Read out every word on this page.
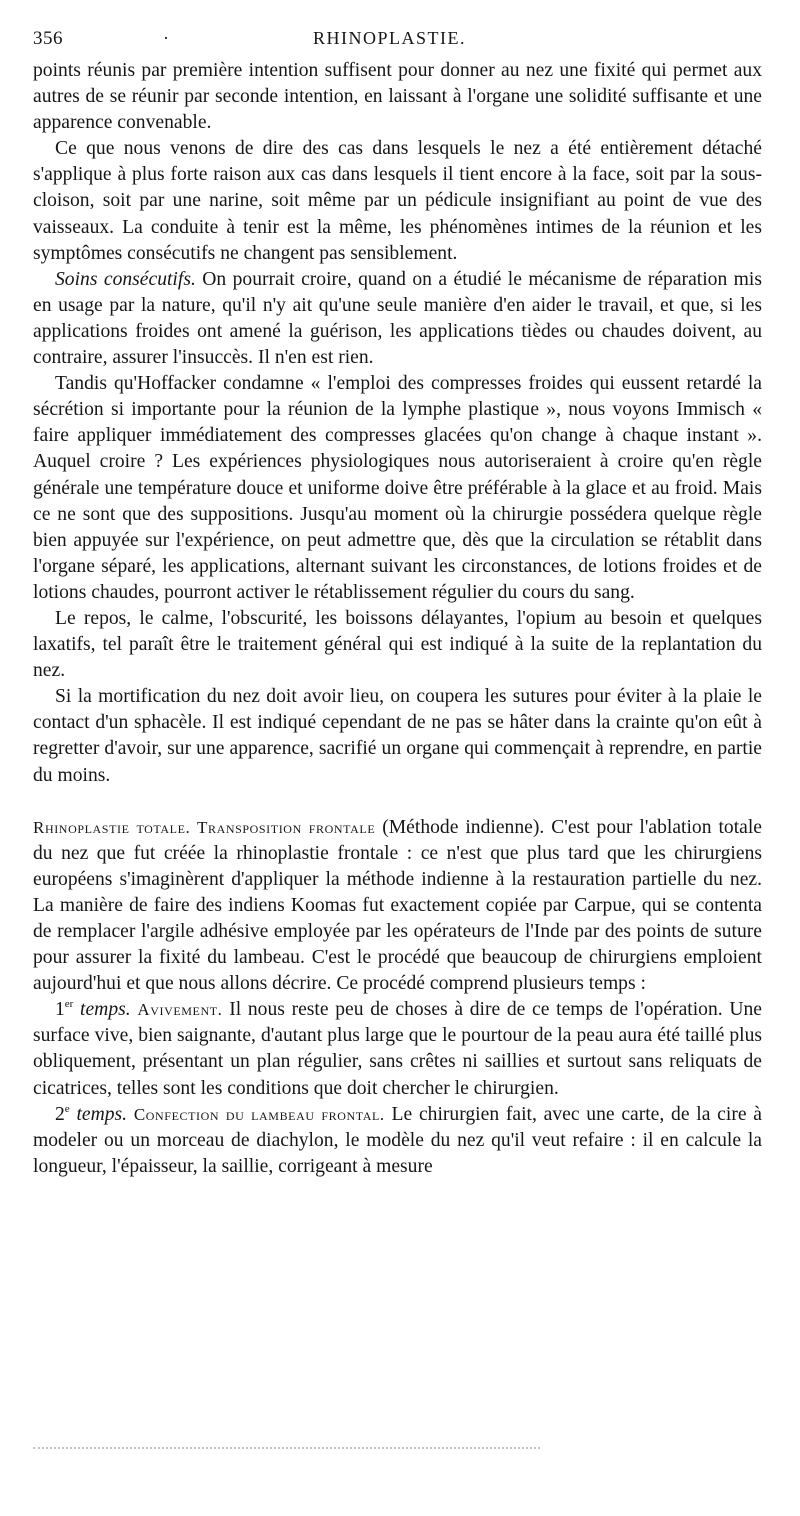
356	·	RHINOPLASTIE.

points réunis par première intention suffisent pour donner au nez une fixité qui permet aux autres de se réunir par seconde intention, en laissant à l'organe une solidité suffisante et une apparence convenable.

Ce que nous venons de dire des cas dans lesquels le nez a été entièrement détaché s'applique à plus forte raison aux cas dans lesquels il tient encore à la face, soit par la sous-cloison, soit par une narine, soit même par un pédicule insignifiant au point de vue des vaisseaux. La conduite à tenir est la même, les phénomènes intimes de la réunion et les symptômes consécutifs ne changent pas sensiblement.

Soins consécutifs. On pourrait croire, quand on a étudié le mécanisme de réparation mis en usage par la nature, qu'il n'y ait qu'une seule manière d'en aider le travail, et que, si les applications froides ont amené la guérison, les applications tièdes ou chaudes doivent, au contraire, assurer l'insuccès. Il n'en est rien.

Tandis qu'Hoffacker condamne « l'emploi des compresses froides qui eussent retardé la sécrétion si importante pour la réunion de la lymphe plastique », nous voyons Immisch « faire appliquer immédiatement des compresses glacées qu'on change à chaque instant ». Auquel croire ? Les expériences physiologiques nous autoriseraient à croire qu'en règle générale une température douce et uniforme doive être préférable à la glace et au froid. Mais ce ne sont que des suppositions. Jusqu'au moment où la chirurgie possédera quelque règle bien appuyée sur l'expérience, on peut admettre que, dès que la circulation se rétablit dans l'organe séparé, les applications, alternant suivant les circonstances, de lotions froides et de lotions chaudes, pourront activer le rétablissement régulier du cours du sang.

Le repos, le calme, l'obscurité, les boissons délayantes, l'opium au besoin et quelques laxatifs, tel paraît être le traitement général qui est indiqué à la suite de la replantation du nez.

Si la mortification du nez doit avoir lieu, on coupera les sutures pour éviter à la plaie le contact d'un sphacèle. Il est indiqué cependant de ne pas se hâter dans la crainte qu'on eût à regretter d'avoir, sur une apparence, sacrifié un organe qui commençait à reprendre, en partie du moins.

Rhinoplastie totale. Transposition frontale (Méthode indienne). C'est pour l'ablation totale du nez que fut créée la rhinoplastie frontale : ce n'est que plus tard que les chirurgiens européens s'imaginèrent d'appliquer la méthode indienne à la restauration partielle du nez. La manière de faire des indiens Koomas fut exactement copiée par Carpue, qui se contenta de remplacer l'argile adhésive employée par les opérateurs de l'Inde par des points de suture pour assurer la fixité du lambeau. C'est le procédé que beaucoup de chirurgiens emploient aujourd'hui et que nous allons décrire. Ce procédé comprend plusieurs temps :

1er temps. Avivement. Il nous reste peu de choses à dire de ce temps de l'opération. Une surface vive, bien saignante, d'autant plus large que le pourtour de la peau aura été taillé plus obliquement, présentant un plan régulier, sans crêtes ni saillies et surtout sans reliquats de cicatrices, telles sont les conditions que doit chercher le chirurgien.

2e temps. Confection du lambeau frontal. Le chirurgien fait, avec une carte, de la cire à modeler ou un morceau de diachylon, le modèle du nez qu'il veut refaire : il en calcule la longueur, l'épaisseur, la saillie, corrigeant à mesure
